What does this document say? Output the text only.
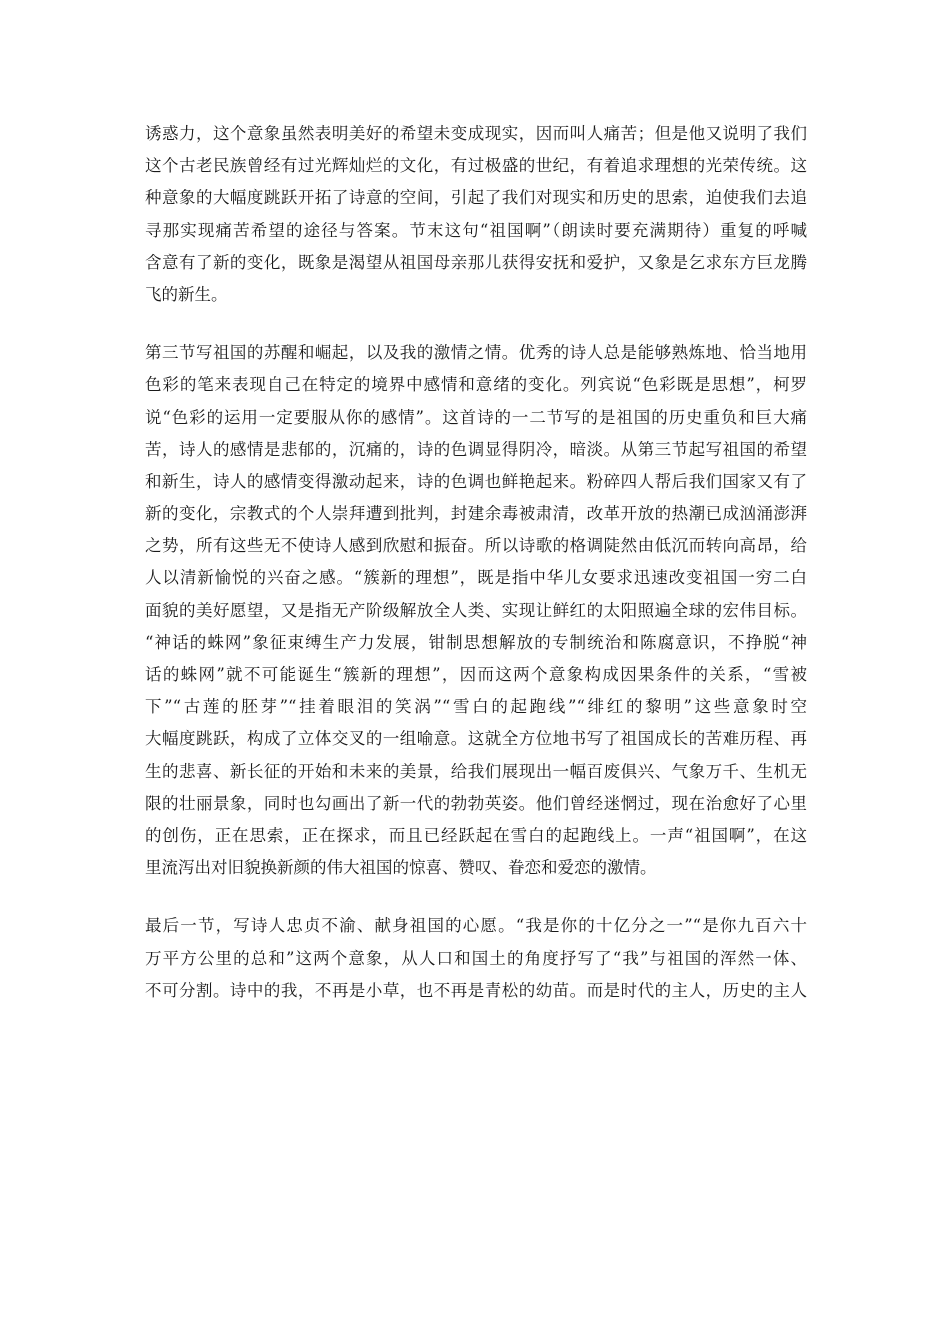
诱惑力，这个意象虽然表明美好的希望未变成现实，因而叫人痛苦；但是他又说明了我们
这个古老民族曾经有过光辉灿烂的文化，有过极盛的世纪，有着追求理想的光荣传统。这
种意象的大幅度跳跃开拓了诗意的空间，引起了我们对现实和历史的思索，迫使我们去追
寻那实现痛苦希望的途径与答案。节末这句“祖国啊”（朗读时要充满期待）重复的呼喊
含意有了新的变化，既象是渴望从祖国母亲那儿获得安抚和爱护，又象是乞求东方巨龙腾
飞的新生。
第三节写祖国的苏醒和崛起，以及我的激情之情。优秀的诗人总是能够熟炼地、恰当地用
色彩的笔来表现自己在特定的境界中感情和意绪的变化。列宾说“色彩既是思想”，柯罗
说“色彩的运用一定要服从你的感情”。这首诗的一二节写的是祖国的历史重负和巨大痛
苦，诗人的感情是悲郁的，沉痛的，诗的色调显得阴冷，暗淡。从第三节起写祖国的希望
和新生，诗人的感情变得激动起来，诗的色调也鲜艳起来。粉碎四人帮后我们国家又有了
新的变化，宗教式的个人崇拜遭到批判，封建余毒被肃清，改革开放的热潮已成汹涌澎湃
之势，所有这些无不使诗人感到欣慰和振奋。所以诗歌的格调陡然由低沉而转向高昂，给
人以清新愉悦的兴奋之感。“簇新的理想”，既是指中华儿女要求迅速改变祖国一穷二白
面貌的美好愿望，又是指无产阶级解放全人类、实现让鲜红的太阳照遍全球的宏伟目标。
“神话的蛛网”象征束缚生产力发展，钳制思想解放的专制统治和陈腐意识，不挣脱“神
话的蛛网”就不可能诞生“簇新的理想”，因而这两个意象构成因果条件的关系，“雪被
下”“古莲的胚芽”“挂着眼泪的笑涡”“雪白的起跑线”“绯红的黎明”这些意象时空
大幅度跳跃，构成了立体交叉的一组喻意。这就全方位地书写了祖国成长的苦难历程、再
生的悲喜、新长征的开始和未来的美景，给我们展现出一幅百废俱兴、气象万千、生机无
限的壮丽景象，同时也勾画出了新一代的勃勃英姿。他们曾经迷惘过，现在治愈好了心里
的创伤，正在思索，正在探求，而且已经跃起在雪白的起跑线上。一声“祖国啊”，在这
里流泻出对旧貌换新颜的伟大祖国的惊喜、赞叹、眷恋和爱恋的激情。
最后一节，写诗人忠贞不渝、献身祖国的心愿。“我是你的十亿分之一”“是你九百六十
万平方公里的总和”这两个意象，从人口和国土的角度抒写了“我”与祖国的浑然一体、
不可分割。诗中的我，不再是小草，也不再是青松的幼苗。而是时代的主人，历史的主人
